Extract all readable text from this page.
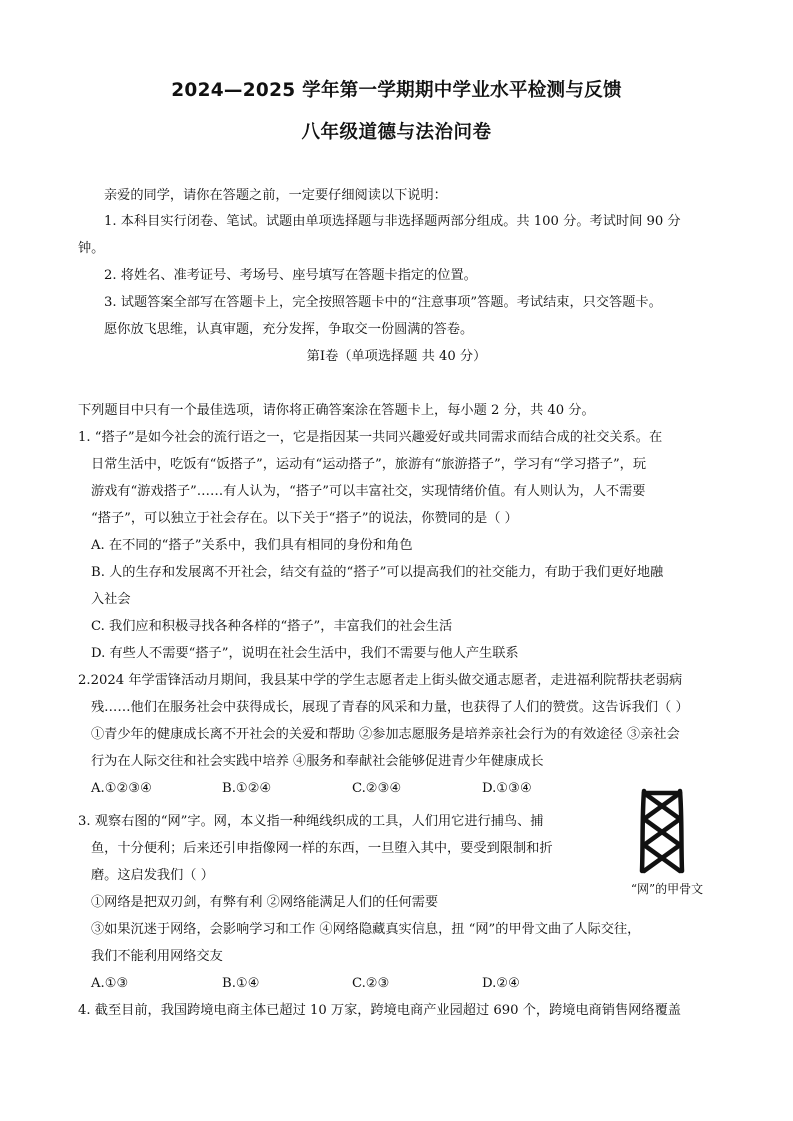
2024—2025 学年第一学期期中学业水平检测与反馈
八年级道德与法治问卷
亲爱的同学，请你在答题之前，一定要仔细阅读以下说明：
1. 本科目实行闭卷、笔试。试题由单项选择题与非选择题两部分组成。共 100 分。考试时间 90 分
钟。
2. 将姓名、准考证号、考场号、座号填写在答题卡指定的位置。
3. 试题答案全部写在答题卡上，完全按照答题卡中的“注意事项”答题。考试结束，只交答题卡。
愿你放飞思维，认真审题，充分发挥，争取交一份圆满的答卷。
第Ⅰ卷（单项选择题 共 40 分）
下列题目中只有一个最佳选项，请你将正确答案涂在答题卡上，每小题 2 分，共 40 分。
1. “搭子”是如今社会的流行语之一，它是指因某一共同兴趣爱好或共同需求而结合成的社交关系。在
日常生活中，吃饭有“饭搭子”，运动有“运动搭子”，旅游有“旅游搭子”，学习有“学习搭子”，玩
游戏有“游戏搭子”……有人认为，“搭子”可以丰富社交，实现情绪价值。有人则认为，人不需要
“搭子”，可以独立于社会存在。以下关于“搭子”的说法，你赞同的是（ ）
A. 在不同的“搭子”关系中，我们具有相同的身份和角色
B. 人的生存和发展离不开社会，结交有益的“搭子”可以提高我们的社交能力，有助于我们更好地融
入社会
C. 我们应和积极寻找各种各样的“搭子”，丰富我们的社会生活
D. 有些人不需要“搭子”，说明在社会生活中，我们不需要与他人产生联系
2.2024 年学雷锋活动月期间，我县某中学的学生志愿者走上街头做交通志愿者，走进福利院帮扶老弱病
残……他们在服务社会中获得成长，展现了青春的风采和力量，也获得了人们的赞赏。这告诉我们（ ）
①青少年的健康成长离不开社会的关爱和帮助 ②参加志愿服务是培养亲社会行为的有效途径 ③亲社会
行为在人际交往和社会实践中培养 ④服务和奉献社会能够促进青少年健康成长
A.①②③④	B.①②④	C.②③④	D.①③④
3. 观察右图的“网”字。网，本义指一种绳线织成的工具，人们用它进行捕鸟、捕
鱼，十分便利；后来还引申指像网一样的东西，一旦堕入其中，要受到限制和折
磨。这启发我们（ ）
①网络是把双刃剑，有弊有利 ②网络能满足人们的任何需要
③如果沉迷于网络，会影响学习和工作 ④网络隐藏真实信息，扭 “网”的甲骨文曲了人际交往，
我们不能利用网络交友
A.①③	B.①④	C.②③	D.②④
4. 截至目前，我国跨境电商主体已超过 10 万家，跨境电商产业园超过 690 个，跨境电商销售网络覆盖
“网”的甲骨文
